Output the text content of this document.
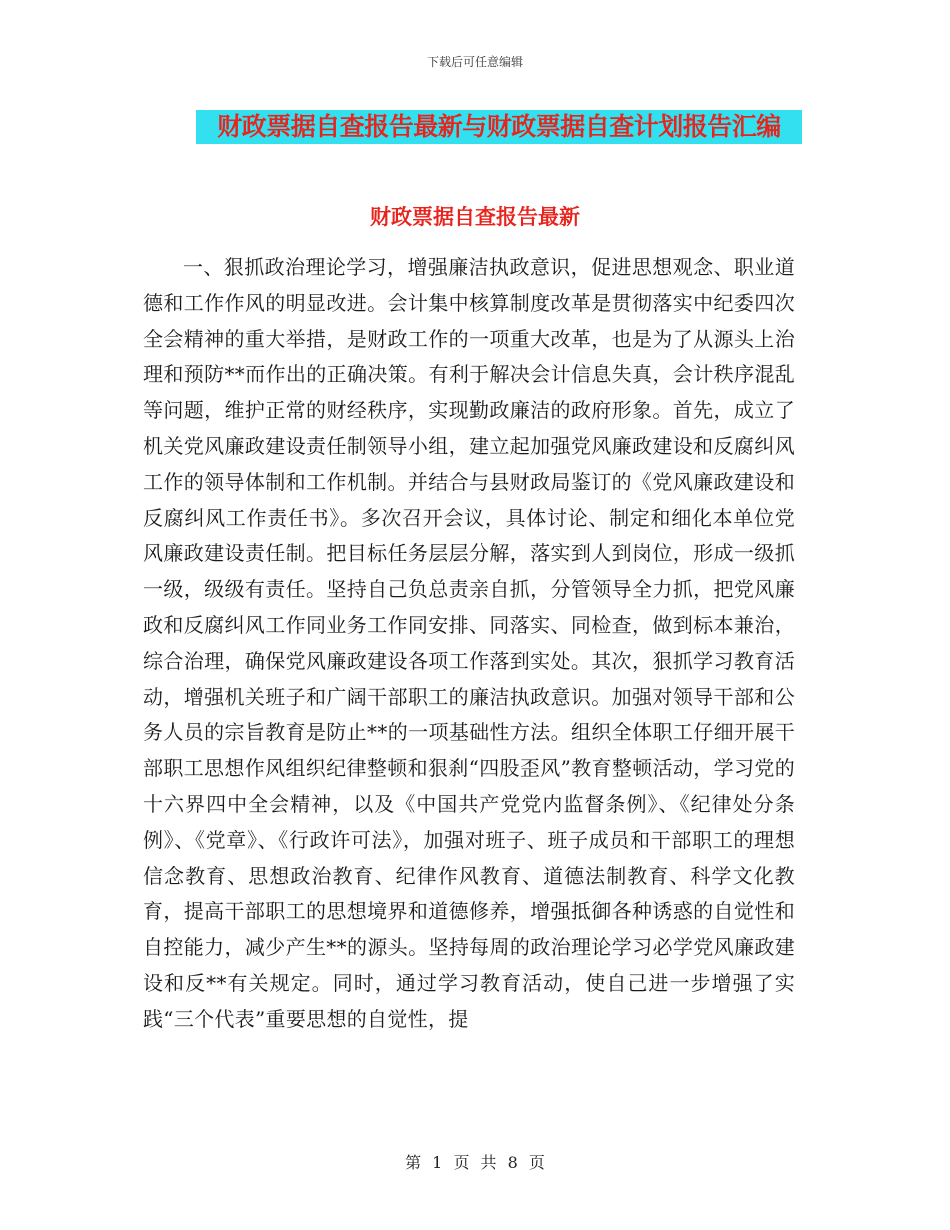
下载后可任意编辑
财政票据自查报告最新与财政票据自查计划报告汇编
财政票据自查报告最新

一、狠抓政治理论学习，增强廉洁执政意识，促进思想观念、职业道德和工作作风的明显改进。会计集中核算制度改革是贯彻落实中纪委四次全会精神的重大举措，是财政工作的一项重大改革，也是为了从源头上治理和预防**而作出的正确决策。有利于解决会计信息失真，会计秩序混乱等问题，维护正常的财经秩序，实现勤政廉洁的政府形象。首先，成立了机关党风廉政建设责任制领导小组，建立起加强党风廉政建设和反腐纠风工作的领导体制和工作机制。并结合与县财政局鉴订的《党风廉政建设和反腐纠风工作责任书》。多次召开会议，具体讨论、制定和细化本单位党风廉政建设责任制。把目标任务层层分解，落实到人到岗位，形成一级抓一级，级级有责任。坚持自己负总责亲自抓，分管领导全力抓，把党风廉政和反腐纠风工作同业务工作同安排、同落实、同检查，做到标本兼治，综合治理，确保党风廉政建设各项工作落到实处。其次，狠抓学习教育活动，增强机关班子和广阔干部职工的廉洁执政意识。加强对领导干部和公务人员的宗旨教育是防止**的一项基础性方法。组织全体职工仔细开展干部职工思想作风组织纪律整顿和狠刹“四股歪风”教育整顿活动，学习党的十六界四中全会精神，以及《中国共产党党内监督条例》、《纪律处分条例》、《党章》、《行政许可法》，加强对班子、班子成员和干部职工的理想信念教育、思想政治教育、纪律作风教育、道德法制教育、科学文化教育，提高干部职工的思想境界和道德修养，增强抵御各种诱惑的自觉性和自控能力，减少产生**的源头。坚持每周的政治理论学习必学党风廉政建设和反**有关规定。同时，通过学习教育活动，使自己进一步增强了实践“三个代表”重要思想的自觉性，提

第 1 页 共 8 页
